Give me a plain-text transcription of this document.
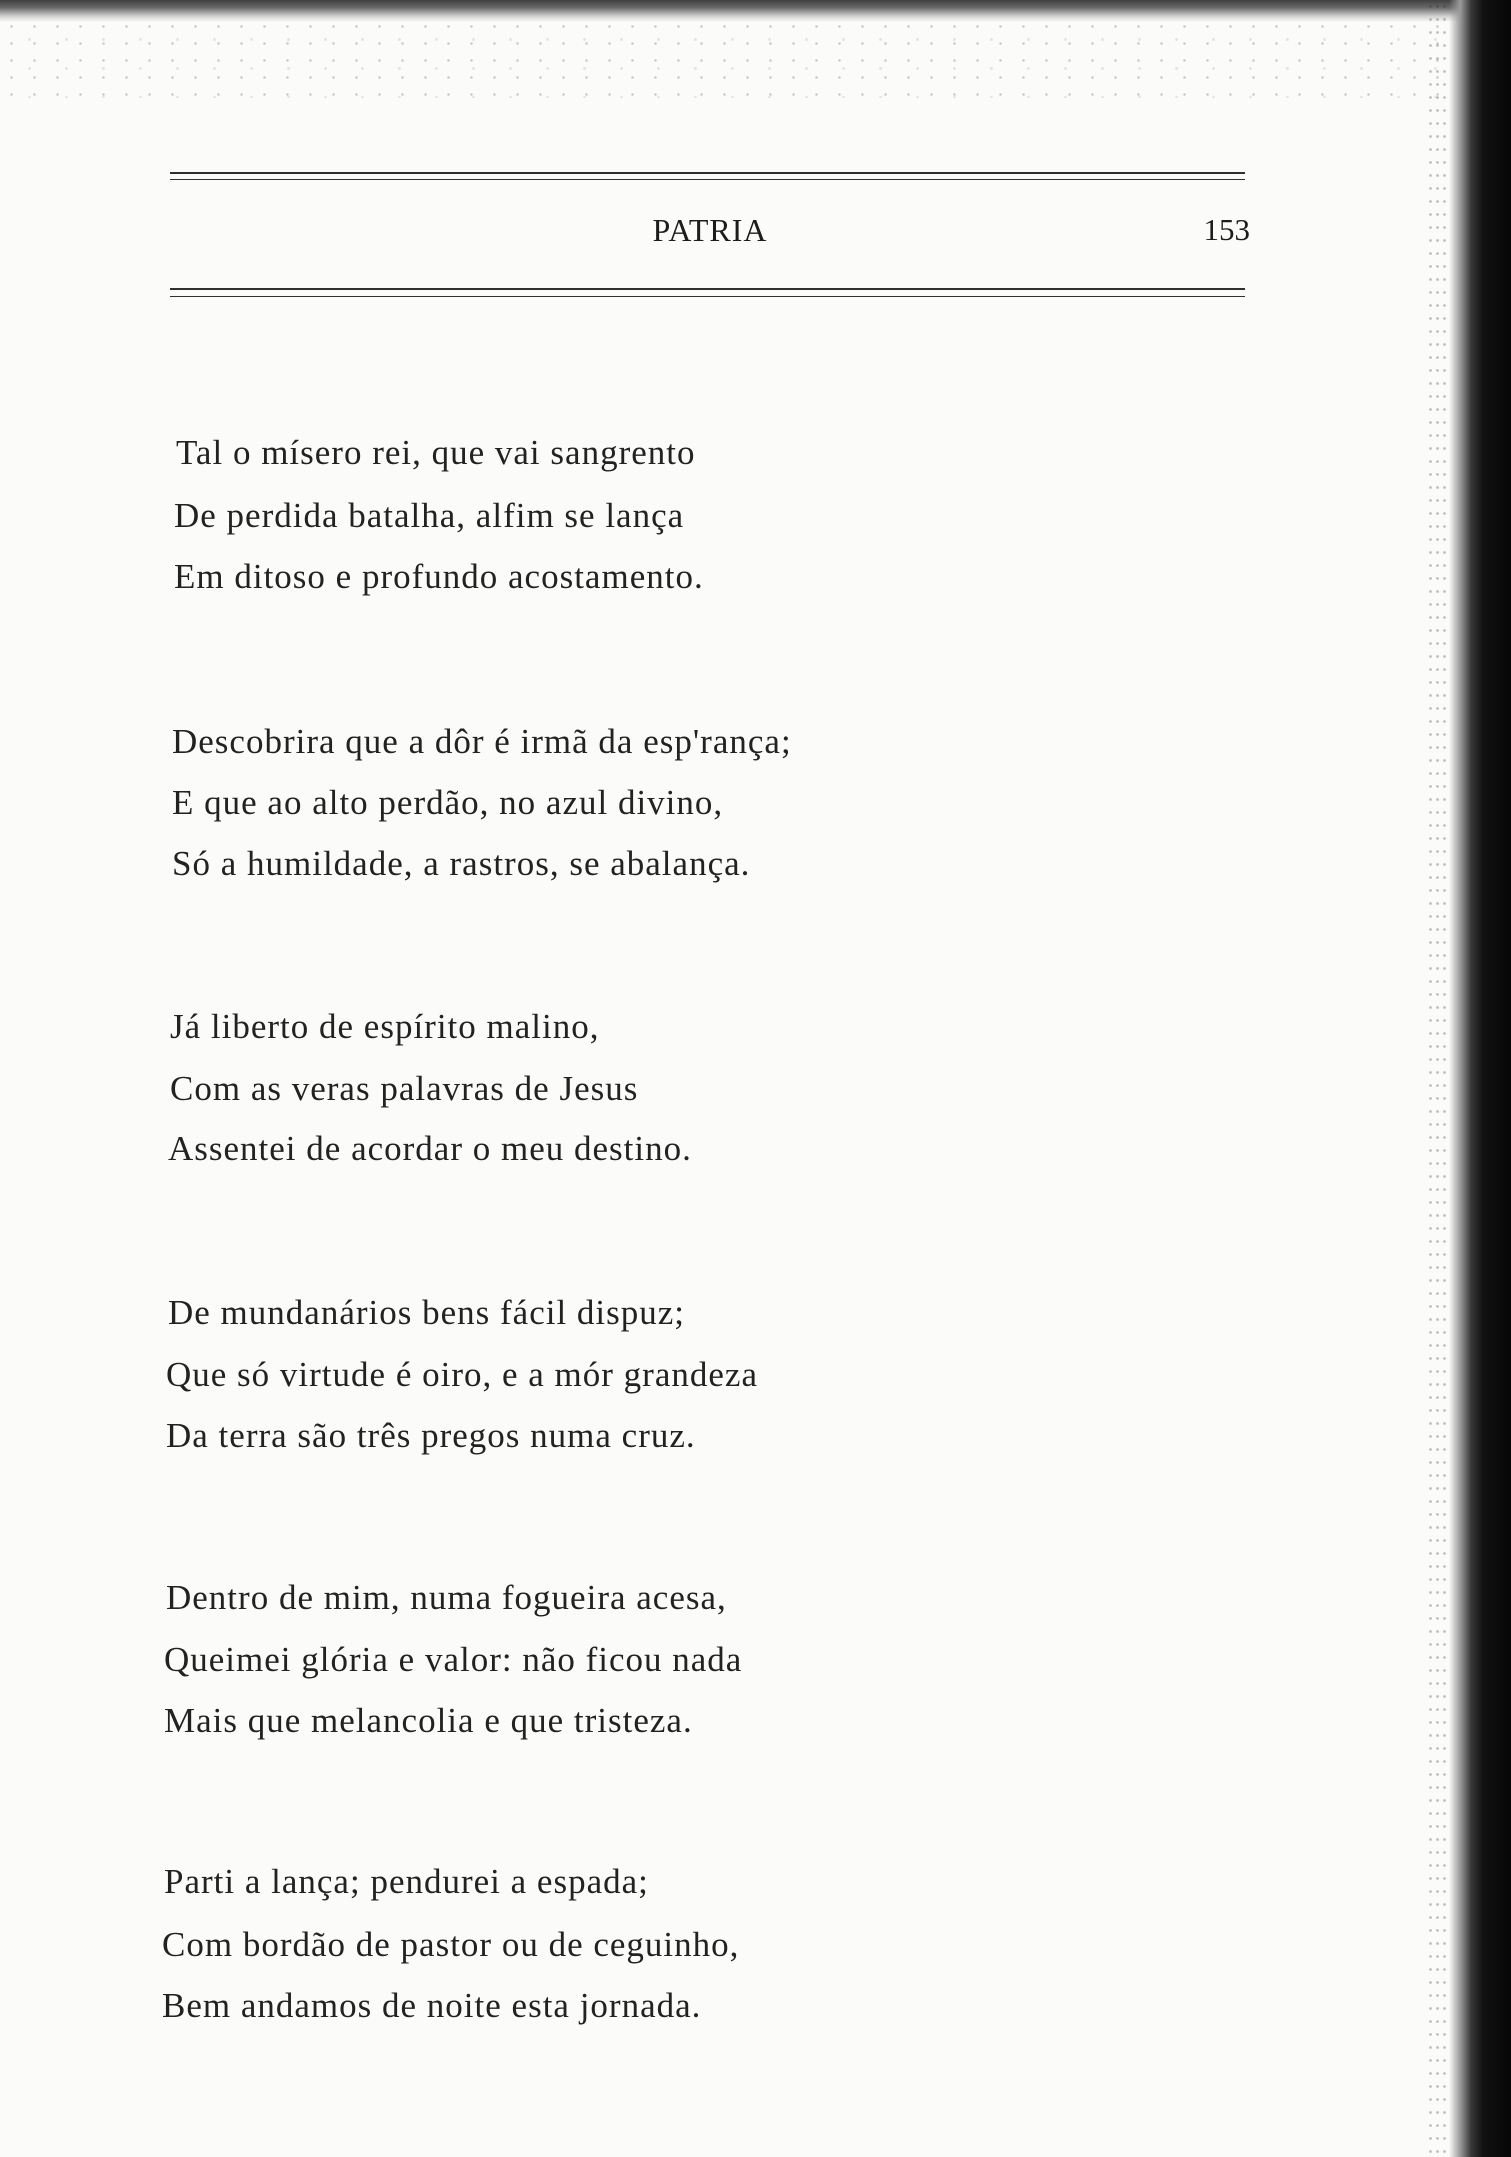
PATRIA	153
Tal o mísero rei, que vai sangrento
De perdida batalha, alfim se lança
Em ditoso e profundo acostamento.
Descobrira que a dôr é irmã da esp'rança;
E que ao alto perdão, no azul divino,
Só a humildade, a rastros, se abalança.
Já liberto de espírito malino,
Com as veras palavras de Jesus
Assentei de acordar o meu destino.
De mundanários bens fácil dispuz;
Que só virtude é oiro, e a mór grandeza
Da terra são três pregos numa cruz.
Dentro de mim, numa fogueira acesa,
Queimei glória e valor: não ficou nada
Mais que melancolia e que tristeza.
Parti a lança; pendurei a espada;
Com bordão de pastor ou de ceguinho,
Bem andamos de noite esta jornada.
